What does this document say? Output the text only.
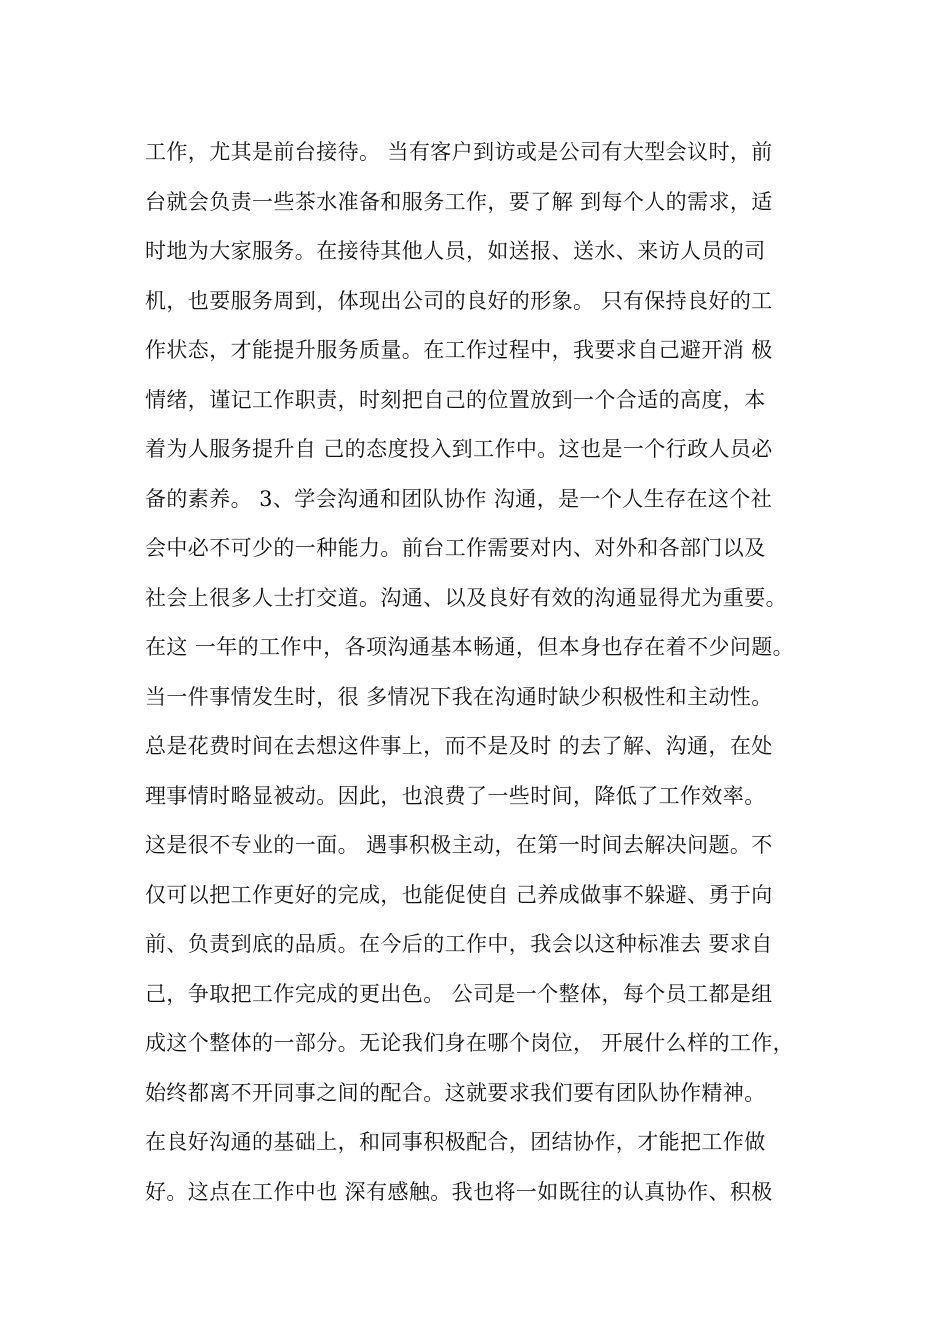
工作，尤其是前台接待。 当有客户到访或是公司有大型会议时，前
台就会负责一些茶水准备和服务工作，要了解 到每个人的需求，适
时地为大家服务。在接待其他人员，如送报、送水、来访人员的司
机，也要服务周到，体现出公司的良好的形象。 只有保持良好的工
作状态，才能提升服务质量。在工作过程中，我要求自己避开消 极
情绪，谨记工作职责，时刻把自己的位置放到一个合适的高度，本
着为人服务提升自 己的态度投入到工作中。这也是一个行政人员必
备的素养。 3、学会沟通和团队协作 沟通，是一个人生存在这个社
会中必不可少的一种能力。前台工作需要对内、对外和各部门以及
社会上很多人士打交道。沟通、以及良好有效的沟通显得尤为重要。
在这 一年的工作中，各项沟通基本畅通，但本身也存在着不少问题。
当一件事情发生时，很 多情况下我在沟通时缺少积极性和主动性。
总是花费时间在去想这件事上，而不是及时 的去了解、沟通，在处
理事情时略显被动。因此，也浪费了一些时间，降低了工作效率。
这是很不专业的一面。 遇事积极主动，在第一时间去解决问题。不
仅可以把工作更好的完成，也能促使自 己养成做事不躲避、勇于向
前、负责到底的品质。在今后的工作中，我会以这种标准去 要求自
己，争取把工作完成的更出色。 公司是一个整体，每个员工都是组
成这个整体的一部分。无论我们身在哪个岗位， 开展什么样的工作，
始终都离不开同事之间的配合。这就要求我们要有团队协作精神。
在良好沟通的基础上，和同事积极配合，团结协作，才能把工作做
好。这点在工作中也 深有感触。我也将一如既往的认真协作、积极
